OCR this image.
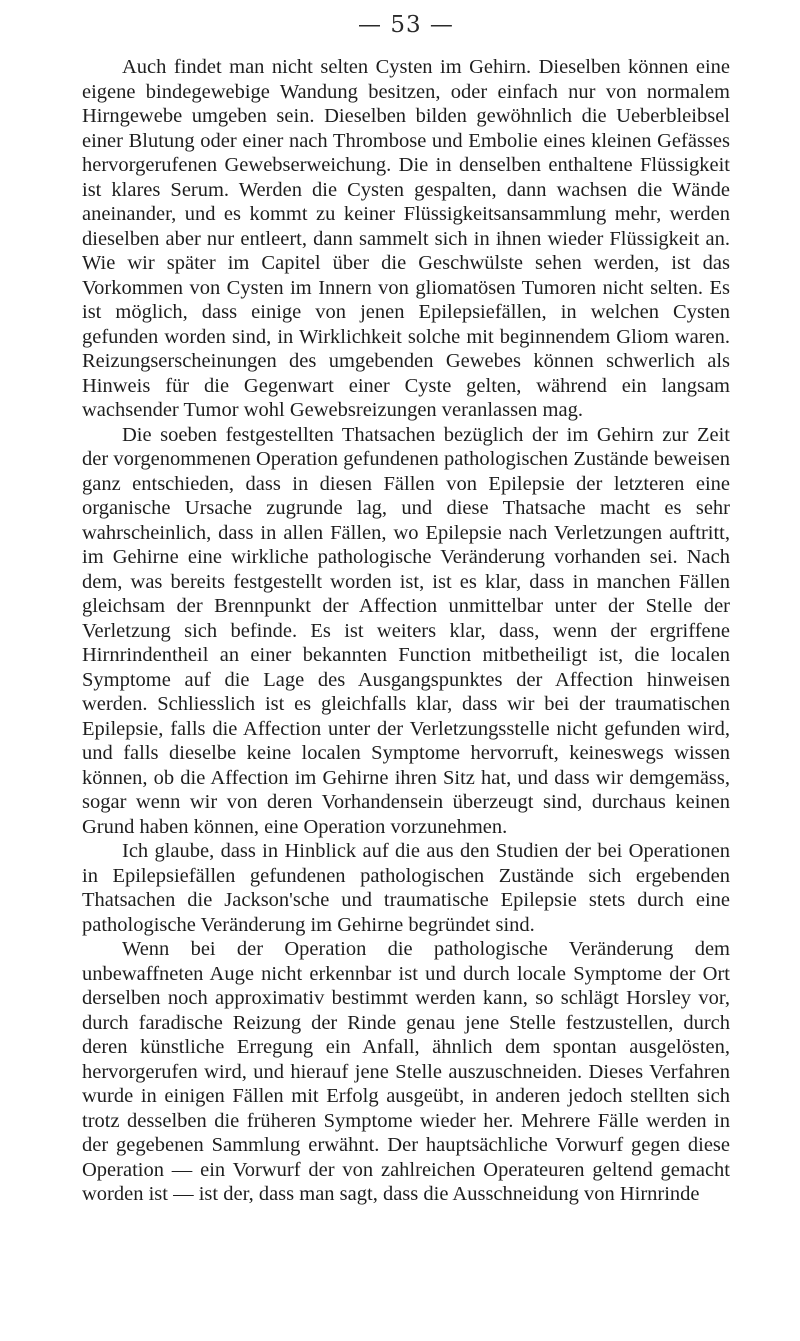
— 53 —

Auch findet man nicht selten Cysten im Gehirn. Dieselben können eine eigene bindegewebige Wandung besitzen, oder einfach nur von normalem Hirngewebe umgeben sein. Dieselben bilden gewöhnlich die Ueberbleibsel einer Blutung oder einer nach Thrombose und Embolie eines kleinen Gefässes hervorgerufenen Gewebserweichung. Die in denselben enthaltene Flüssigkeit ist klares Serum. Werden die Cysten gespalten, dann wachsen die Wände aneinander, und es kommt zu keiner Flüssigkeitsansammlung mehr, werden dieselben aber nur entleert, dann sammelt sich in ihnen wieder Flüssigkeit an. Wie wir später im Capitel über die Geschwülste sehen werden, ist das Vorkommen von Cysten im Innern von gliomatösen Tumoren nicht selten. Es ist möglich, dass einige von jenen Epilepsiefällen, in welchen Cysten gefunden worden sind, in Wirklichkeit solche mit beginnendem Gliom waren. Reizungserscheinungen des umgebenden Gewebes können schwerlich als Hinweis für die Gegenwart einer Cyste gelten, während ein langsam wachsender Tumor wohl Gewebsreizungen veranlassen mag.

Die soeben festgestellten Thatsachen bezüglich der im Gehirn zur Zeit der vorgenommenen Operation gefundenen pathologischen Zustände beweisen ganz entschieden, dass in diesen Fällen von Epilepsie der letzteren eine organische Ursache zugrunde lag, und diese Thatsache macht es sehr wahrscheinlich, dass in allen Fällen, wo Epilepsie nach Verletzungen auftritt, im Gehirne eine wirkliche pathologische Veränderung vorhanden sei. Nach dem, was bereits festgestellt worden ist, ist es klar, dass in manchen Fällen gleichsam der Brennpunkt der Affection unmittelbar unter der Stelle der Verletzung sich befinde. Es ist weiters klar, dass, wenn der ergriffene Hirnrindentheil an einer bekannten Function mitbetheiligt ist, die localen Symptome auf die Lage des Ausgangspunktes der Affection hinweisen werden. Schliesslich ist es gleichfalls klar, dass wir bei der traumatischen Epilepsie, falls die Affection unter der Verletzungsstelle nicht gefunden wird, und falls dieselbe keine localen Symptome hervorruft, keineswegs wissen können, ob die Affection im Gehirne ihren Sitz hat, und dass wir demgemäss, sogar wenn wir von deren Vorhandensein überzeugt sind, durchaus keinen Grund haben können, eine Operation vorzunehmen.

Ich glaube, dass in Hinblick auf die aus den Studien der bei Operationen in Epilepsiefällen gefundenen pathologischen Zustände sich ergebenden Thatsachen die Jackson'sche und traumatische Epilepsie stets durch eine pathologische Veränderung im Gehirne begründet sind.

Wenn bei der Operation die pathologische Veränderung dem unbewaffneten Auge nicht erkennbar ist und durch locale Symptome der Ort derselben noch approximativ bestimmt werden kann, so schlägt Horsley vor, durch faradische Reizung der Rinde genau jene Stelle festzustellen, durch deren künstliche Erregung ein Anfall, ähnlich dem spontan ausgelösten, hervorgerufen wird, und hierauf jene Stelle auszuschneiden. Dieses Verfahren wurde in einigen Fällen mit Erfolg ausgeübt, in anderen jedoch stellten sich trotz desselben die früheren Symptome wieder her. Mehrere Fälle werden in der gegebenen Sammlung erwähnt. Der hauptsächliche Vorwurf gegen diese Operation — ein Vorwurf der von zahlreichen Operateuren geltend gemacht worden ist — ist der, dass man sagt, dass die Ausschneidung von Hirnrinde
